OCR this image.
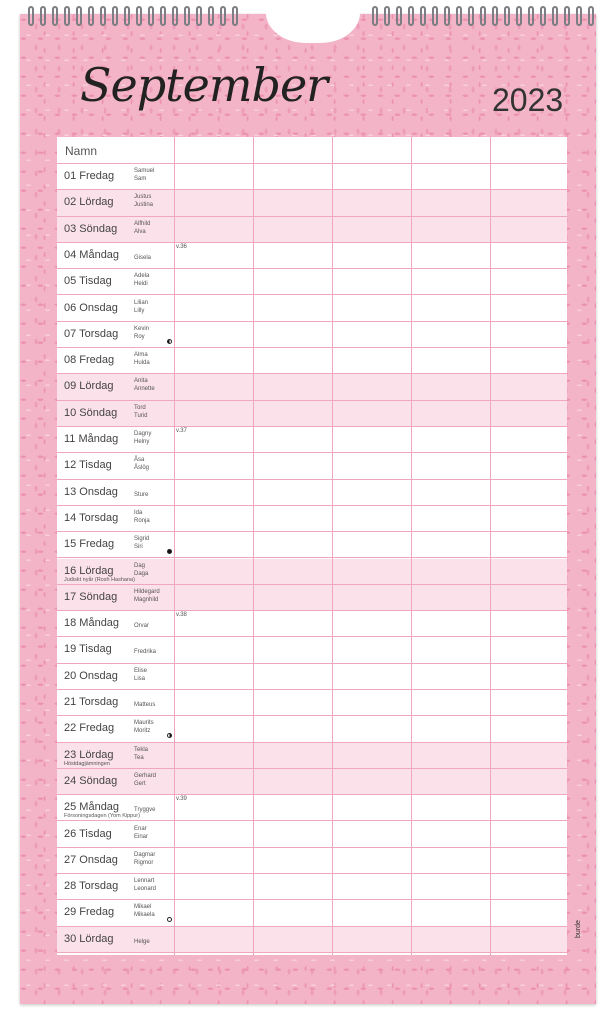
September	2023
Namn
01 Fredag	Samuel
Sam
02 Lördag	Justus
Justina
03 Söndag	Alfhild
Alva
04 Måndag Gisela
v.36
05 Tisdag	Adela
Heidi
06 Onsdag	Lilian
Lilly
07 Torsdag	Kevin
Roy
08 Fredag	Alma
Hulda
09 Lördag	Anita
Annette
10 Söndag	Tord
Turid
11 Måndag	Dagny
Helny
v.37
12 Tisdag	Åsa
Åslög
13 Onsdag	Sture
14 Torsdag	Ida
Ronja
15 Fredag	Sigrid
Siri
16 Lördag	Dag
Daga
Judiskt nyår (Rosh Hashana)
17 Söndag	Hildegard
Magnhild
18 Måndag Orvar
v.38
19 Tisdag	Fredrika
20 Onsdag	Elise
Lisa
21 Torsdag	Matteus
22 Fredag	Maurits
Moritz
23 Lördag	Tekla
Tea
Höstdagjämningen
24 Söndag	Gerhard
Gert
25 Måndag Tryggve
Försoningsdagen (Yom Kippur)
v.39
26 Tisdag	Enar
Einar
27 Onsdag	Dagmar
Rigmor
28 Torsdag	Lennart
Leonard
29 Fredag	Mikael
Mikaela
30 Lördag	Helge
burde
